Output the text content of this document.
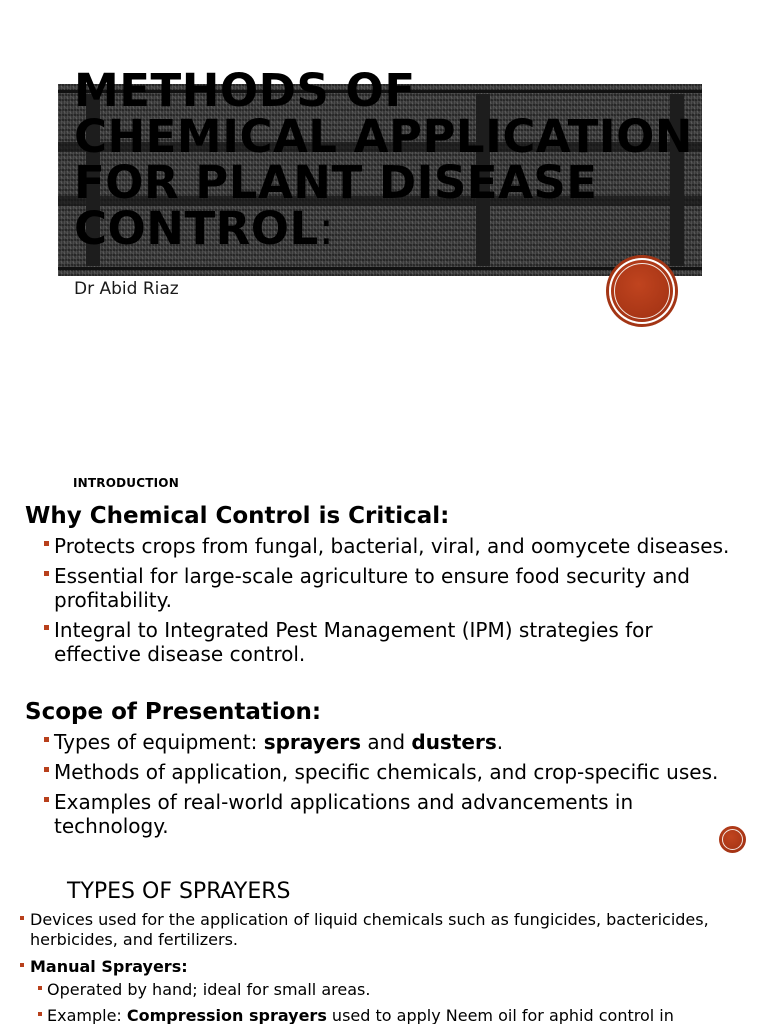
METHODS OF CHEMICAL APPLICATION FOR PLANT DISEASE CONTROL:
Dr Abid Riaz
INTRODUCTION
Why Chemical Control is Critical:
Protects crops from fungal, bacterial, viral, and oomycete diseases.
Essential for large-scale agriculture to ensure food security and profitability.
Integral to Integrated Pest Management (IPM) strategies for effective disease control.
Scope of Presentation:
Types of equipment: sprayers and dusters.
Methods of application, specific chemicals, and crop-specific uses.
Examples of real-world applications and advancements in technology.
TYPES OF SPRAYERS
Devices used for the application of liquid chemicals such as fungicides, bactericides, herbicides, and fertilizers.
Manual Sprayers:
Operated by hand; ideal for small areas.
Example: Compression sprayers used to apply Neem oil for aphid control in
